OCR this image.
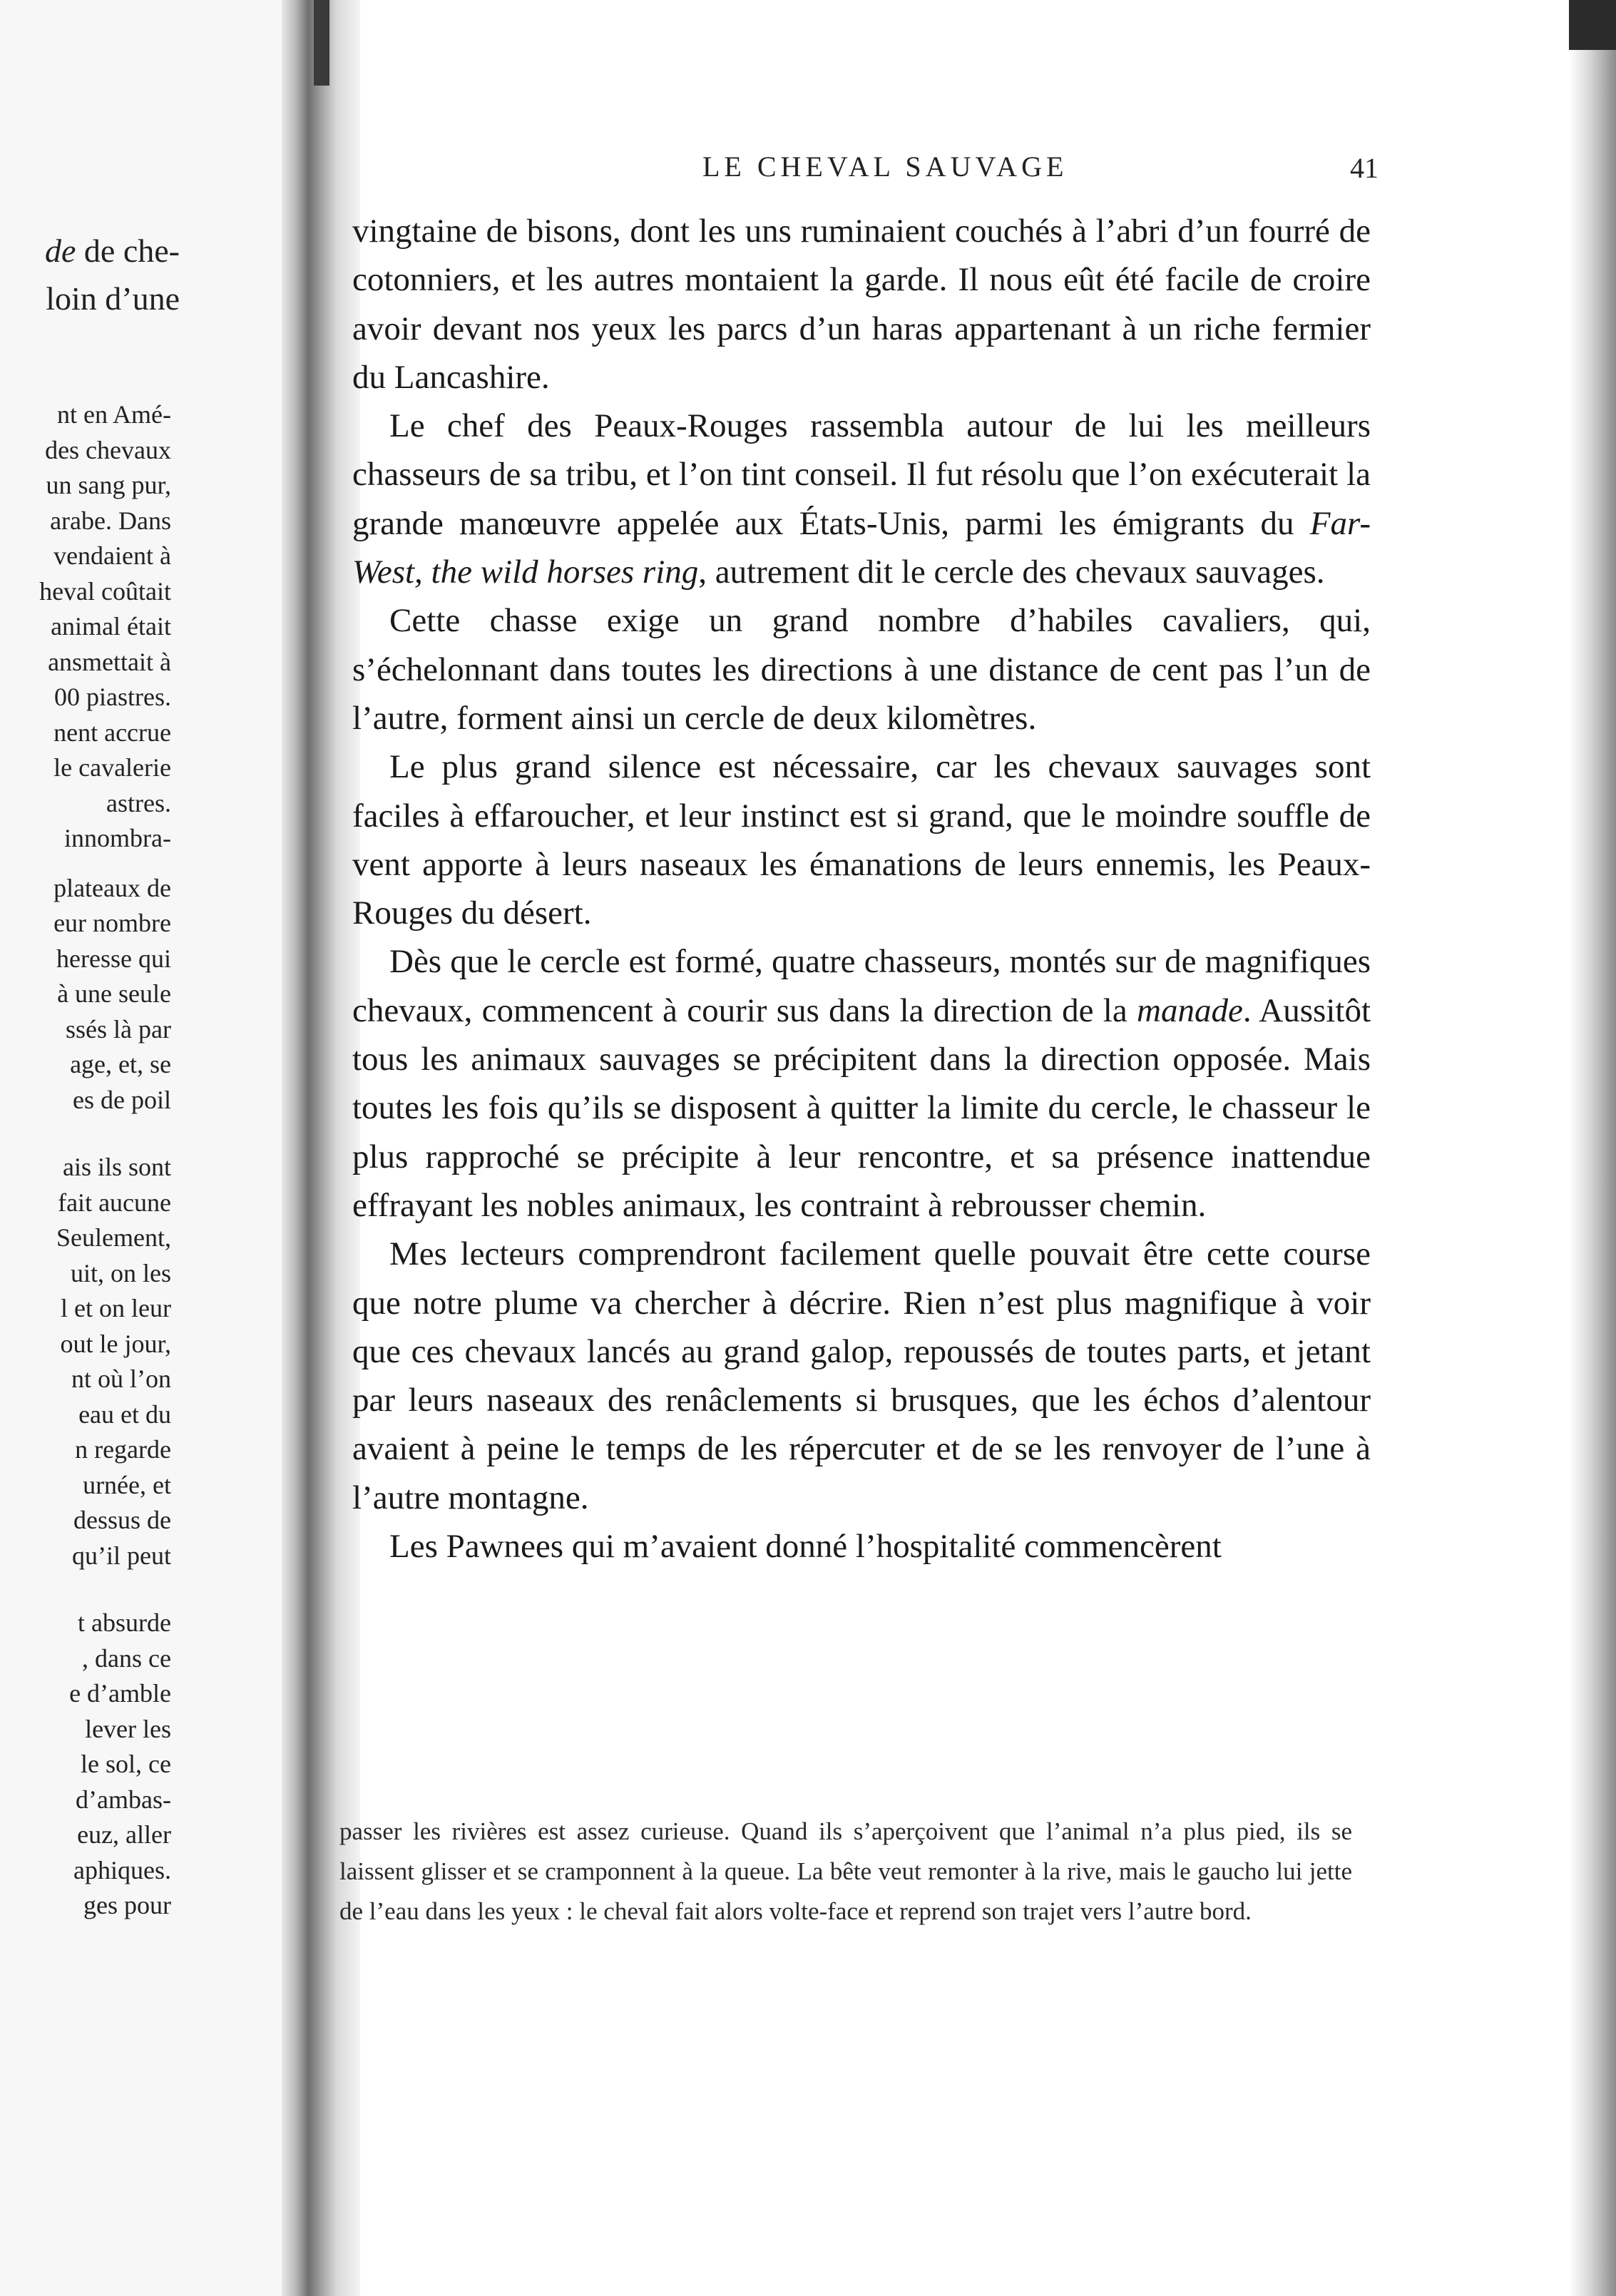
de de che-
loin d’une
nt en Amé-
des chevaux
un sang pur,
arabe. Dans
vendaient à
heval coûtait
animal était
ansmettait à
00 piastres.
nent accrue
le cavalerie
astres.
innombra-
plateaux de
eur nombre
heresse qui
à une seule
ssés là par
age, et, se
es de poil
ais ils sont
fait aucune
Seulement,
uit, on les
l et on leur
out le jour,
nt où l’on
eau et du
n regarde
urnée, et
dessus de
qu’il peut
t absurde
, dans ce
e d’amble
lever les
le sol, ce
d’ambas-
euz, aller
aphiques.
ges pour
LE CHEVAL SAUVAGE	41

vingtaine de bisons, dont les uns ruminaient couchés à l’abri d’un fourré de cotonniers, et les autres montaient la garde. Il nous eût été facile de croire avoir devant nos yeux les parcs d’un haras appartenant à un riche fermier du Lancashire.

Le chef des Peaux-Rouges rassembla autour de lui les meilleurs chasseurs de sa tribu, et l’on tint conseil. Il fut résolu que l’on exécuterait la grande manœuvre appelée aux États-Unis, parmi les émigrants du Far-West, the wild horses ring, autrement dit le cercle des chevaux sauvages.

Cette chasse exige un grand nombre d’habiles cavaliers, qui, s’échelonnant dans toutes les directions à une distance de cent pas l’un de l’autre, forment ainsi un cercle de deux kilomètres.

Le plus grand silence est nécessaire, car les chevaux sauvages sont faciles à effaroucher, et leur instinct est si grand, que le moindre souffle de vent apporte à leurs naseaux les émanations de leurs ennemis, les Peaux-Rouges du désert.

Dès que le cercle est formé, quatre chasseurs, montés sur de magnifiques chevaux, commencent à courir sus dans la direction de la manade. Aussitôt tous les animaux sauvages se précipitent dans la direction opposée. Mais toutes les fois qu’ils se disposent à quitter la limite du cercle, le chasseur le plus rapproché se précipite à leur rencontre, et sa présence inattendue effrayant les nobles animaux, les contraint à rebrousser chemin.

Mes lecteurs comprendront facilement quelle pouvait être cette course que notre plume va chercher à décrire. Rien n’est plus magnifique à voir que ces chevaux lancés au grand galop, repoussés de toutes parts, et jetant par leurs naseaux des renâclements si brusques, que les échos d’alentour avaient à peine le temps de les répercuter et de se les renvoyer de l’une à l’autre montagne.

Les Pawnees qui m’avaient donné l’hospitalité commencèrent

passer les rivières est assez curieuse. Quand ils s’aperçoivent que l’animal n’a plus pied, ils se laissent glisser et se cramponnent à la queue. La bête veut remonter à la rive, mais le gaucho lui jette de l’eau dans les yeux : le cheval fait alors volte-face et reprend son trajet vers l’autre bord.
